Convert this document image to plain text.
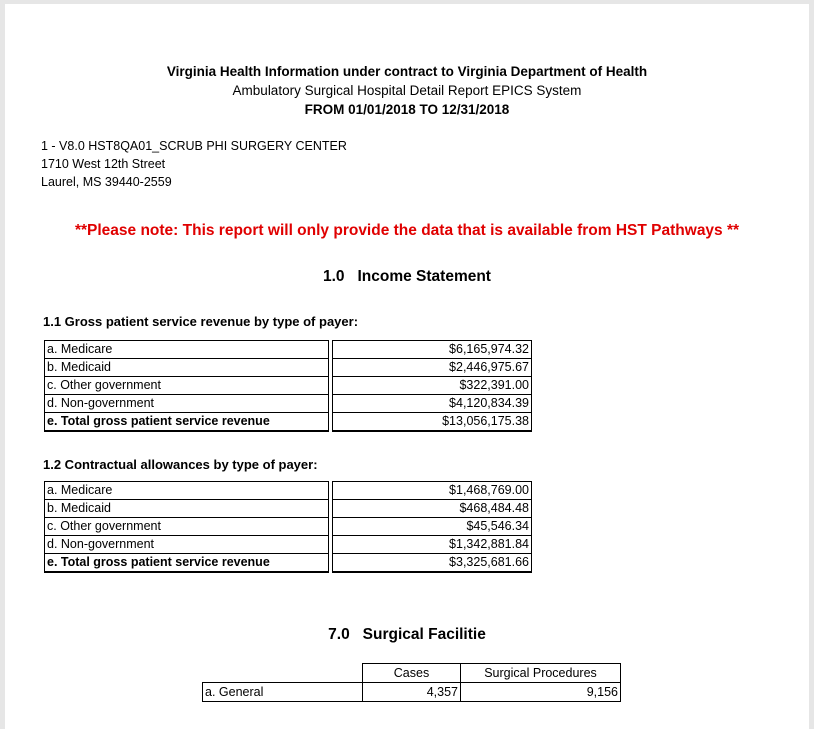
Virginia Health Information under contract to Virginia Department of Health
Ambulatory Surgical Hospital Detail Report EPICS System
FROM 01/01/2018 TO 12/31/2018
1 - V8.0 HST8QA01_SCRUB PHI SURGERY CENTER
1710 West 12th Street
Laurel, MS 39440-2559
**Please note: This report will only provide the data that is available from HST Pathways **
1.0   Income Statement
1.1 Gross patient service revenue by type of payer:
a. Medicare		$6,165,974.32
b. Medicaid		$2,446,975.67
c. Other government		$322,391.00
d. Non-government		$4,120,834.39
e. Total gross patient service revenue		$13,056,175.38
1.2 Contractual allowances by type of payer:
a. Medicare		$1,468,769.00
b. Medicaid		$468,484.48
c. Other government		$45,546.34
d. Non-government		$1,342,881.84
e. Total gross patient service revenue		$3,325,681.66
7.0   Surgical Facilitie
	Cases	Surgical Procedures
a. General	4,357	9,156
